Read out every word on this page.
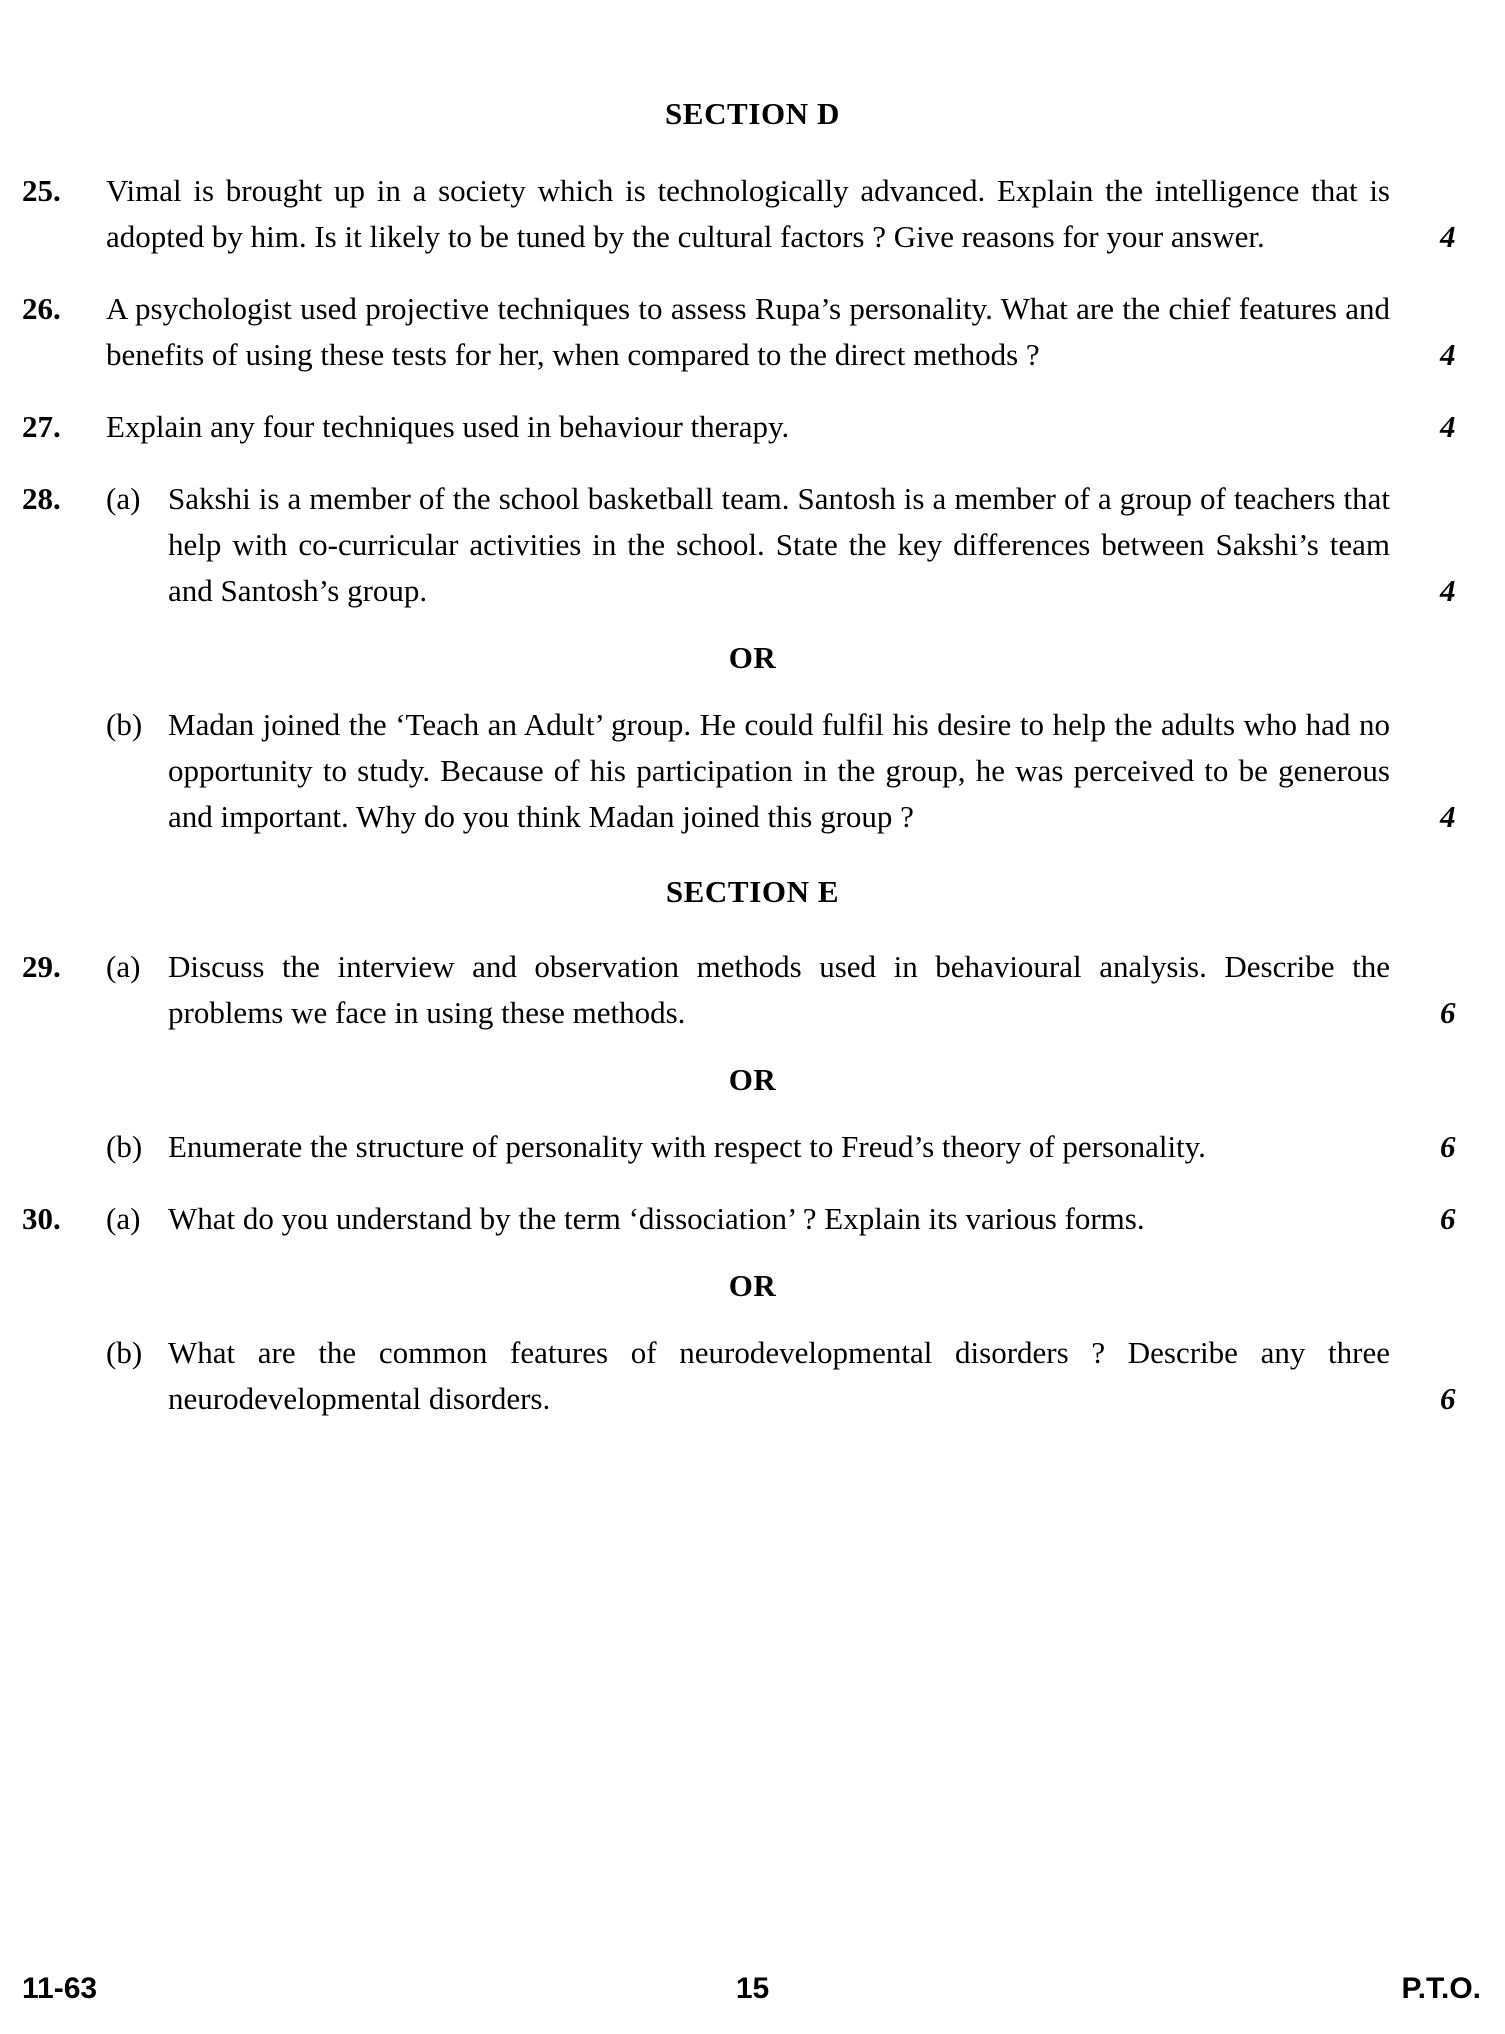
SECTION D
25.	Vimal is brought up in a society which is technologically advanced. Explain the intelligence that is adopted by him. Is it likely to be tuned by the cultural factors ? Give reasons for your answer.	4
26.	A psychologist used projective techniques to assess Rupa’s personality. What are the chief features and benefits of using these tests for her, when compared to the direct methods ?	4
27.	Explain any four techniques used in behaviour therapy.	4
28.	(a) Sakshi is a member of the school basketball team. Santosh is a member of a group of teachers that help with co-curricular activities in the school. State the key differences between Sakshi’s team and Santosh’s group.	4
OR
(b) Madan joined the ‘Teach an Adult’ group. He could fulfil his desire to help the adults who had no opportunity to study. Because of his participation in the group, he was perceived to be generous and important. Why do you think Madan joined this group ?	4
SECTION E
29.	(a) Discuss the interview and observation methods used in behavioural analysis. Describe the problems we face in using these methods.	6
OR
(b) Enumerate the structure of personality with respect to Freud’s theory of personality.	6
30.	(a) What do you understand by the term ‘dissociation’ ? Explain its various forms.	6
OR
(b) What are the common features of neurodevelopmental disorders ? Describe any three neurodevelopmental disorders.	6
11-63	15	P.T.O.
